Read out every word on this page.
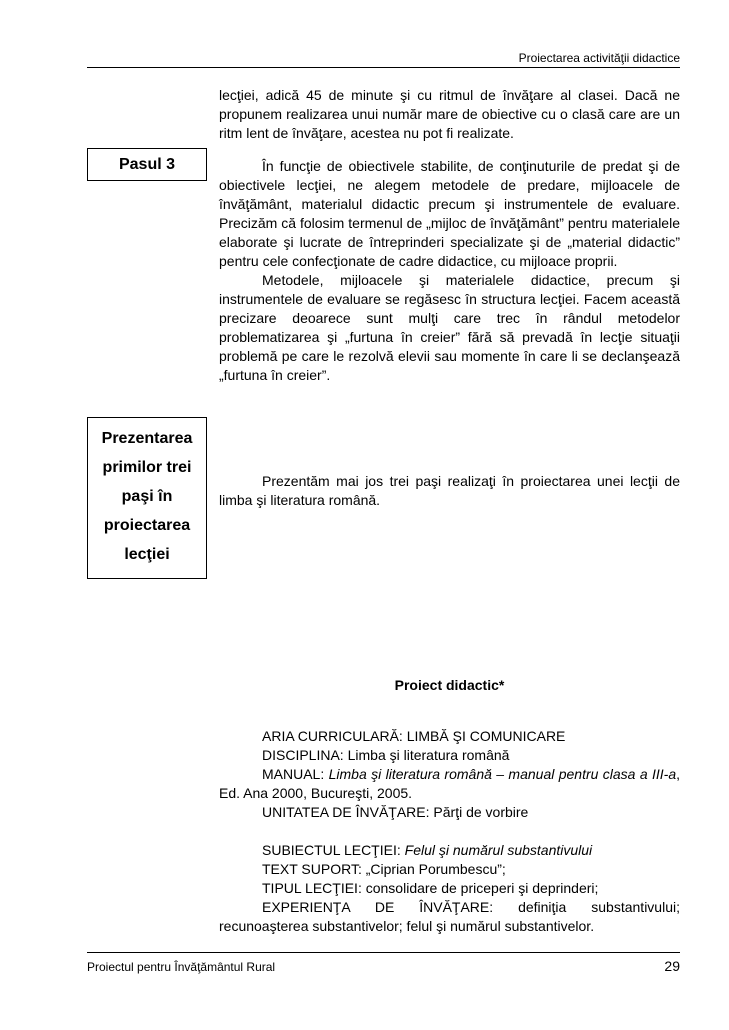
Proiectarea activităţii didactice
Pasul 3

lecţiei, adică 45 de minute şi cu ritmul de învăţare al clasei. Dacă ne propunem realizarea unui număr mare de obiective cu o clasă care are un ritm lent de învăţare, acestea nu pot fi realizate.

În funcţie de obiectivele stabilite, de conţinuturile de predat şi de obiectivele lecţiei, ne alegem metodele de predare, mijloacele de învăţământ, materialul didactic precum şi instrumentele de evaluare. Precizăm că folosim termenul de „mijloc de învăţământ” pentru materialele elaborate şi lucrate de întreprinderi specializate şi de „material didactic” pentru cele confecţionate de cadre didactice, cu mijloace proprii.

Metodele, mijloacele şi materialele didactice, precum şi instrumentele de evaluare se regăsesc în structura lecţiei. Facem această precizare deoarece sunt mulţi care trec în rândul metodelor problematizarea şi „furtuna în creier” fără să prevadă în lecţie situaţii problemă pe care le rezolvă elevii sau momente în care li se declanşează „furtuna în creier”.

Prezentarea
primilor trei
paşi în
proiectarea
lecţiei

Prezentăm mai jos trei paşi realizaţi în proiectarea unei lecţii de limba şi literatura română.

Proiect didactic*

ARIA CURRICULARĂ: LIMBĂ ŞI COMUNICARE

DISCIPLINA: Limba şi literatura română

MANUAL: Limba şi literatura română – manual pentru clasa a III-a, Ed. Ana 2000, Bucureşti, 2005.

UNITATEA DE ÎNVĂŢARE: Părţi de vorbire

SUBIECTUL LECŢIEI: Felul şi numărul substantivului

TEXT SUPORT: „Ciprian Porumbescu”;

TIPUL LECŢIEI: consolidare de priceperi şi deprinderi;

EXPERIENŢA DE ÎNVĂŢARE: definiţia substantivului; recunoaşterea substantivelor; felul şi numărul substantivelor.

Proiectul pentru Învăţământul Rural	29
